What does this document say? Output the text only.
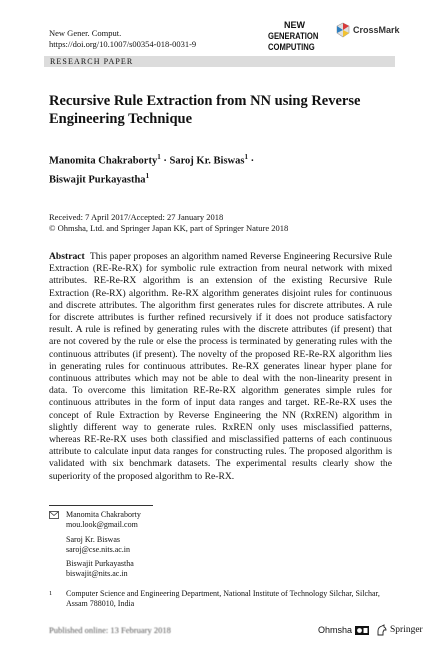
New Gener. Comput.
https://doi.org/10.1007/s00354-018-0031-9
NEW
GENERATION
COMPUTING
CrossMark
RESEARCH PAPER
Recursive Rule Extraction from NN using Reverse Engineering Technique
Manomita Chakraborty$^1$ · Saroj Kr. Biswas$^1$ ·
Biswajit Purkayastha$^1$
Received: 7 April 2017/Accepted: 27 January 2018
© Ohmsha, Ltd. and Springer Japan KK, part of Springer Nature 2018
Abstract This paper proposes an algorithm named Reverse Engineering Recursive Rule Extraction (RE-Re-RX) for symbolic rule extraction from neural network with mixed attributes. RE-Re-RX algorithm is an extension of the existing Recursive Rule Extraction (Re-RX) algorithm. Re-RX algorithm generates disjoint rules for continuous and discrete attributes. The algorithm first generates rules for discrete attributes. A rule for discrete attributes is further refined recursively if it does not produce satisfactory result. A rule is refined by generating rules with the discrete attributes (if present) that are not covered by the rule or else the process is terminated by generating rules with the continuous attributes (if present). The novelty of the proposed RE-Re-RX algorithm lies in generating rules for continuous attributes. Re-RX generates linear hyper plane for continuous attributes which may not be able to deal with the non-linearity present in data. To overcome this limitation RE-Re-RX algorithm generates simple rules for continuous attributes in the form of input data ranges and target. RE-Re-RX uses the concept of Rule Extraction by Reverse Engineering the NN (RxREN) algorithm in slightly different way to generate rules. RxREN only uses misclassified patterns, whereas RE-Re-RX uses both classified and misclassified patterns of each continuous attribute to calculate input data ranges for constructing rules. The proposed algorithm is validated with six benchmark datasets. The experimental results clearly show the superiority of the proposed algorithm to Re-RX.
Manomita Chakraborty
mou.look@gmail.com
Saroj Kr. Biswas
saroj@cse.nits.ac.in
Biswajit Purkayastha
biswajit@nits.ac.in
1 Computer Science and Engineering Department, National Institute of Technology Silchar, Silchar, Assam 788010, India
Published online: 13 February 2018	Ohmsha	Springer
